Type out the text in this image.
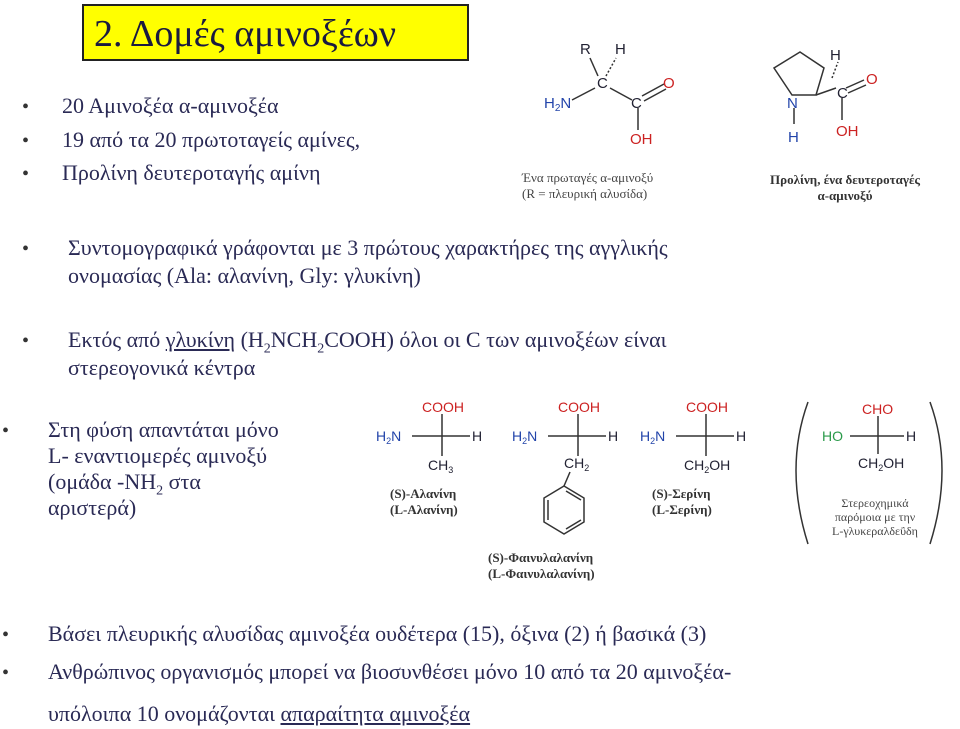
2. Δομές αμινοξέων
• 20 Αμινοξέα α-αμινοξέα
• 19 από τα 20 πρωτοταγείς αμίνες,
• Προλίνη δευτεροταγής αμίνη
• Συντομογραφικά γράφονται με 3 πρώτους χαρακτήρες της αγγλικής
ονομασίας (Ala: αλανίνη, Gly: γλυκίνη)
• Εκτός από γλυκίνη $(H_2NCH_2COOH)$ όλοι οι C των αμινοξέων είναι
στερεογονικά κέντρα
• Στη φύση απαντάται μόνο
L- εναντιομερές αμινοξύ
(ομάδα $-NH_2$ στα
αριστερά)
• Βάσει πλευρικής αλυσίδας αμινοξέα ουδέτερα (15), όξινα (2) ή βασικά (3)
• Ανθρώπινος οργανισμός μπορεί να βιοσυνθέσει μόνο 10 από τα 20 αμινοξέα-
υπόλοιπα 10 ονομάζονται απαραίτητα αμινοξέα
O
OH
R H
C
C
$H_2N$
Ένα πρωταγές α-αμινοξύ
(R = πλευρική αλυσίδα)
H
C
N
H
O
OH
Προλίνη, ένα δευτεροταγές
α-αμινοξύ
COOH
$H_2N$	H
$CH_3$
(S)-Αλανίνη
(L-Αλανίνη)
COOH
$H_2N$	H
$CH_2$
(S)-Φαινυλαλανίνη
(L-Φαινυλαλανίνη)
COOH
$H_2N$	H
$CH_2OH$
(S)-Σερίνη
(L-Σερίνη)
CHO
HO	H
$CH_2OH$
Στερεοχημικά
παρόμοια με την
L-γλυκεραλδεΰδη
